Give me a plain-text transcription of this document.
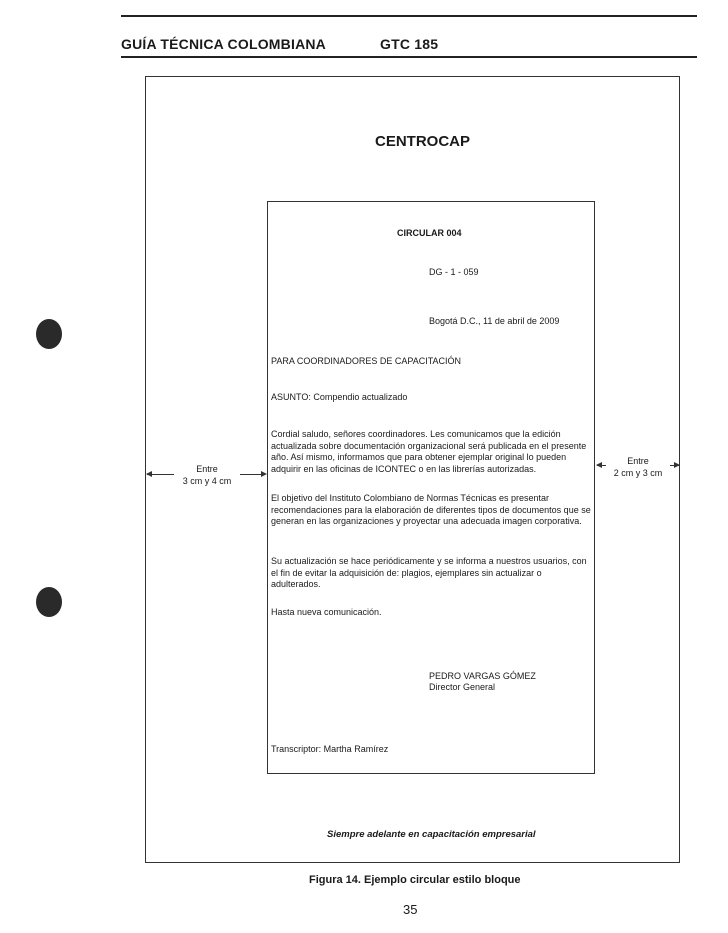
GUÍA TÉCNICA COLOMBIANA	GTC 185
CENTROCAP
CIRCULAR 004
DG - 1 - 059
Bogotá D.C., 11 de abril de 2009
PARA COORDINADORES DE CAPACITACIÓN
ASUNTO: Compendio actualizado
Cordial saludo, señores coordinadores. Les comunicamos que la edición actualizada sobre documentación organizacional será publicada en el presente año. Así mismo, informamos que para obtener ejemplar original lo pueden adquirir en las oficinas de ICONTEC o en las librerías autorizadas.
El objetivo del Instituto Colombiano de Normas Técnicas es presentar recomendaciones para la elaboración de diferentes tipos de documentos que se generan en las organizaciones y proyectar una adecuada imagen corporativa.
Su actualización se hace periódicamente y se informa a nuestros usuarios, con el fin de evitar la adquisición de: plagios, ejemplares sin actualizar o adulterados.
Hasta nueva comunicación.
PEDRO VARGAS GÓMEZ
Director General
Transcriptor: Martha Ramírez
Entre
3 cm y 4 cm
Entre
2 cm y 3 cm
Siempre adelante en capacitación empresarial
Figura 14. Ejemplo circular estilo bloque
35
